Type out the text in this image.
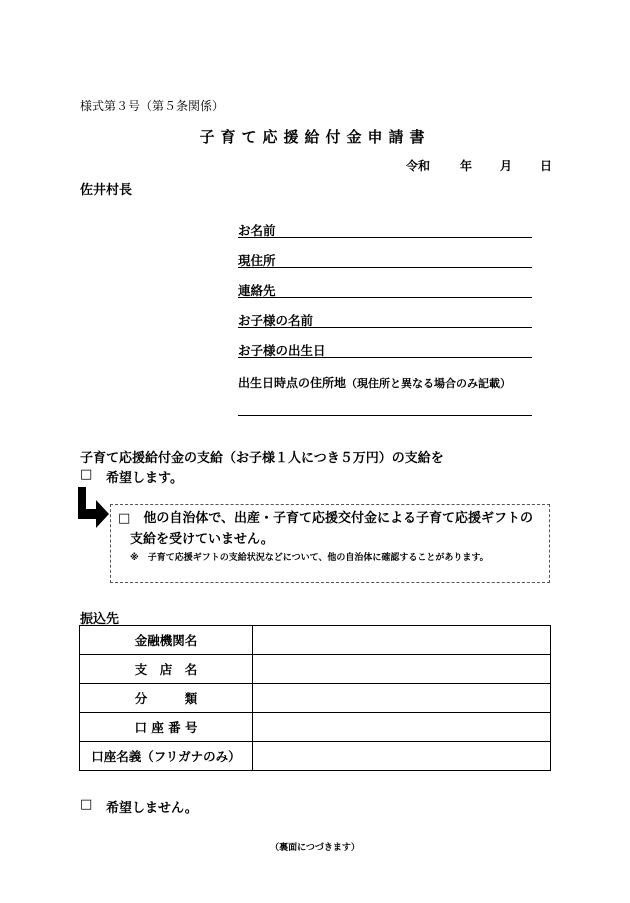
様式第３号（第５条関係）
子育て応援給付金申請書
令和 年 月 日
佐井村長
お名前
現住所
連絡先
お子様の名前
お子様の出生日
出生日時点の住所地（現住所と異なる場合のみ記載）
子育て応援給付金の支給（お子様１人につき５万円）の支給を
□ 希望します。
□　 他の自治体で、出産・子育て応援交付金による子育て応援ギフトの
支給を受けていません。
※　子育て応援ギフトの支給状況などについて、他の自治体に確認することがあります。
振込先
金融機関名	
支　店　名	
分　　　類	
口 座 番 号	
口座名義（フリガナのみ）	
□ 希望しません。
（裏面につづきます）
